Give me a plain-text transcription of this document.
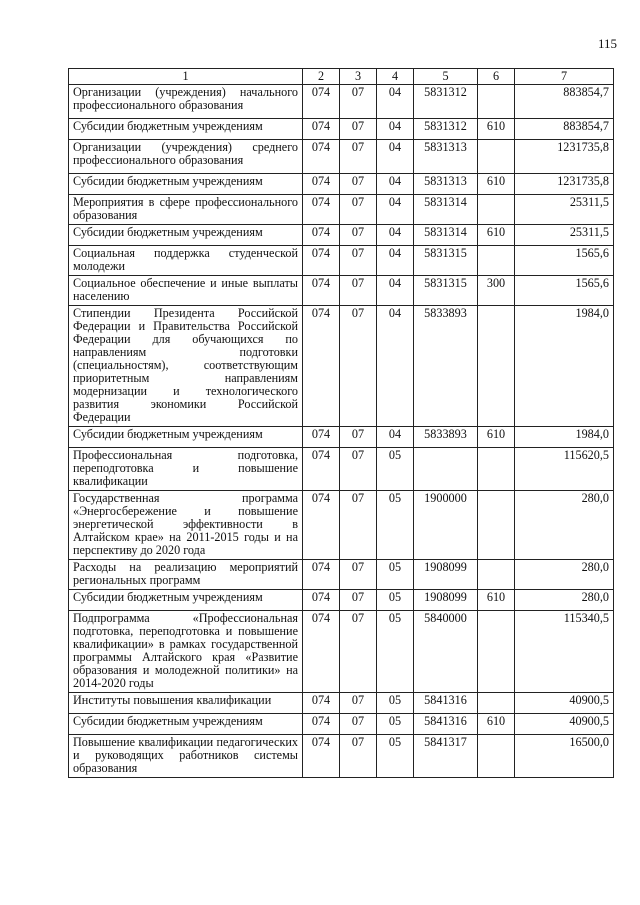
115
1	2	3	4	5	6	7
Организации (учреждения) начального профессионального образования	074	07	04	5831312		883854,7
Субсидии бюджетным учреждениям	074	07	04	5831312	610	883854,7
Организации (учреждения) среднего профессионального образования	074	07	04	5831313		1231735,8
Субсидии бюджетным учреждениям	074	07	04	5831313	610	1231735,8
Мероприятия в сфере профессионального образования	074	07	04	5831314		25311,5
Субсидии бюджетным учреждениям	074	07	04	5831314	610	25311,5
Социальная поддержка студенческой молодежи	074	07	04	5831315		1565,6
Социальное обеспечение и иные выплаты населению	074	07	04	5831315	300	1565,6
Стипендии Президента Российской Федерации и Правительства Российской Федерации для обучающихся по направлениям подготовки (специальностям), соответствующим приоритетным направлениям модернизации и технологического развития экономики Российской Федерации	074	07	04	5833893		1984,0
Субсидии бюджетным учреждениям	074	07	04	5833893	610	1984,0
Профессиональная подготовка, переподготовка и повышение квалификации	074	07	05			115620,5
Государственная программа «Энергосбережение и повышение энергетической эффективности в Алтайском крае» на 2011-2015 годы и на перспективу до 2020 года	074	07	05	1900000		280,0
Расходы на реализацию мероприятий региональных программ	074	07	05	1908099		280,0
Субсидии бюджетным учреждениям	074	07	05	1908099	610	280,0
Подпрограмма «Профессиональная подготовка, переподготовка и повышение квалификации» в рамках государственной программы Алтайского края «Развитие образования и молодежной политики» на 2014-2020 годы	074	07	05	5840000		115340,5
Институты повышения квалификации	074	07	05	5841316		40900,5
Субсидии бюджетным учреждениям	074	07	05	5841316	610	40900,5
Повышение квалификации педагогических и руководящих работников системы образования	074	07	05	5841317		16500,0
